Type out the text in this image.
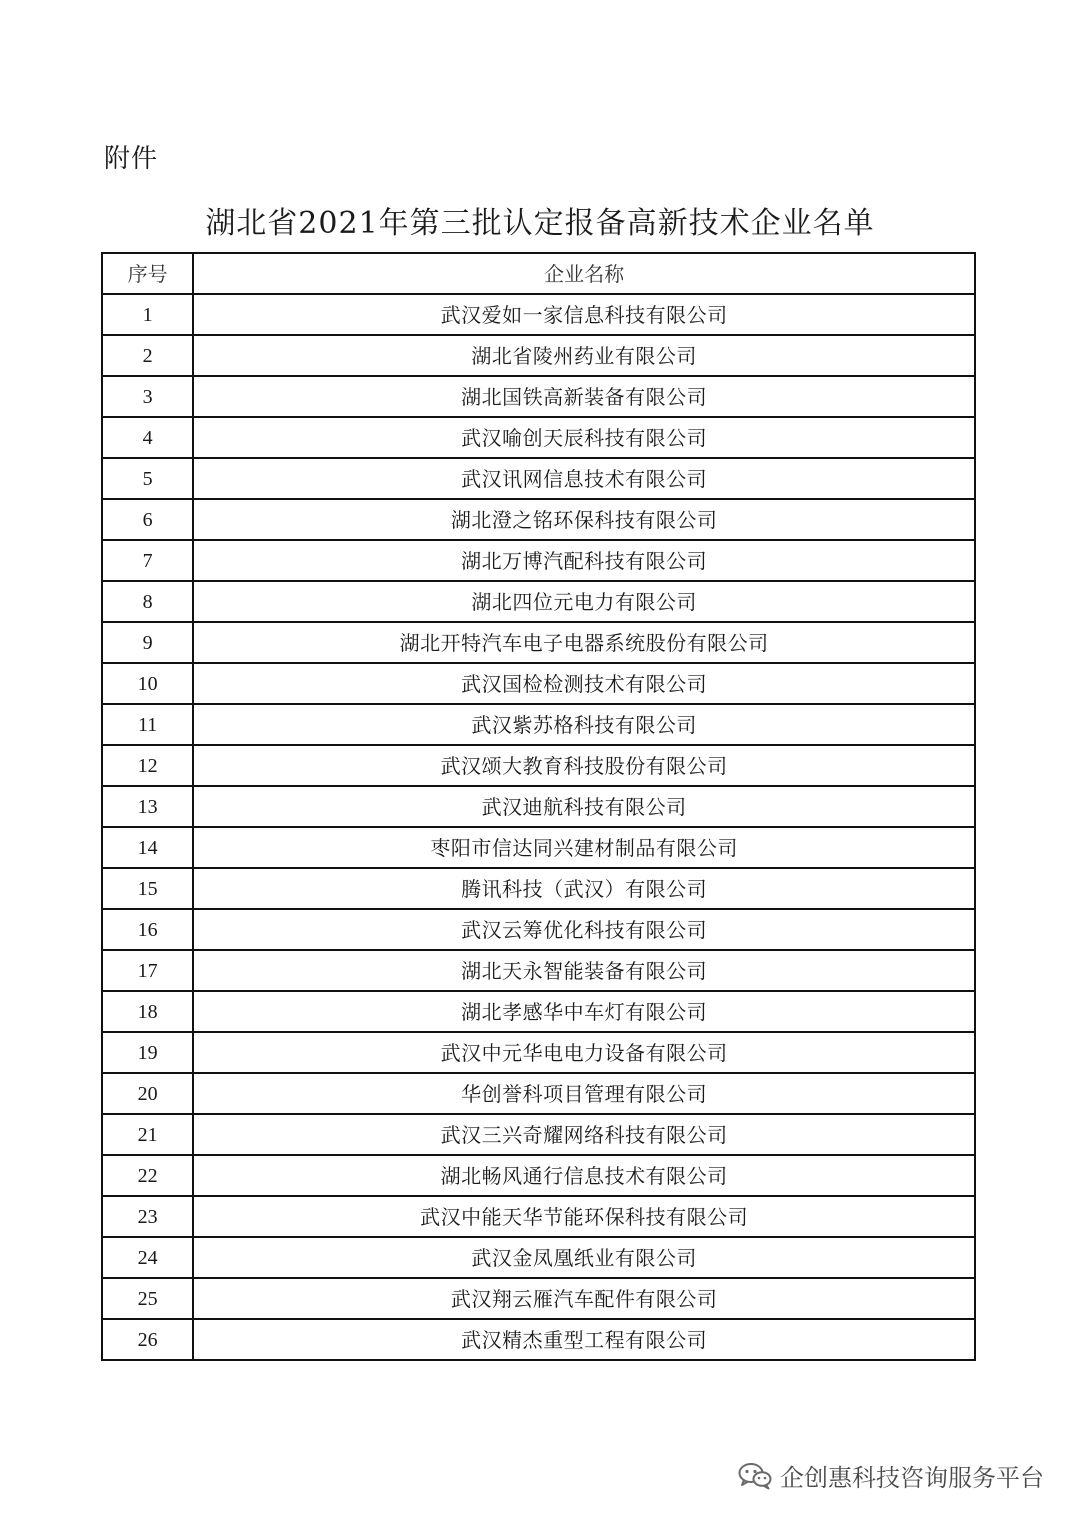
附件
湖北省2021年第三批认定报备高新技术企业名单
序号	企业名称
1	武汉爱如一家信息科技有限公司
2	湖北省陵州药业有限公司
3	湖北国铁高新装备有限公司
4	武汉喻创天辰科技有限公司
5	武汉讯网信息技术有限公司
6	湖北澄之铭环保科技有限公司
7	湖北万博汽配科技有限公司
8	湖北四位元电力有限公司
9	湖北开特汽车电子电器系统股份有限公司
10	武汉国检检测技术有限公司
11	武汉紫苏格科技有限公司
12	武汉颂大教育科技股份有限公司
13	武汉迪航科技有限公司
14	枣阳市信达同兴建材制品有限公司
15	腾讯科技（武汉）有限公司
16	武汉云筹优化科技有限公司
17	湖北天永智能装备有限公司
18	湖北孝感华中车灯有限公司
19	武汉中元华电电力设备有限公司
20	华创誉科项目管理有限公司
21	武汉三兴奇耀网络科技有限公司
22	湖北畅风通行信息技术有限公司
23	武汉中能天华节能环保科技有限公司
24	武汉金凤凰纸业有限公司
25	武汉翔云雁汽车配件有限公司
26	武汉精杰重型工程有限公司
企创惠科技咨询服务平台
